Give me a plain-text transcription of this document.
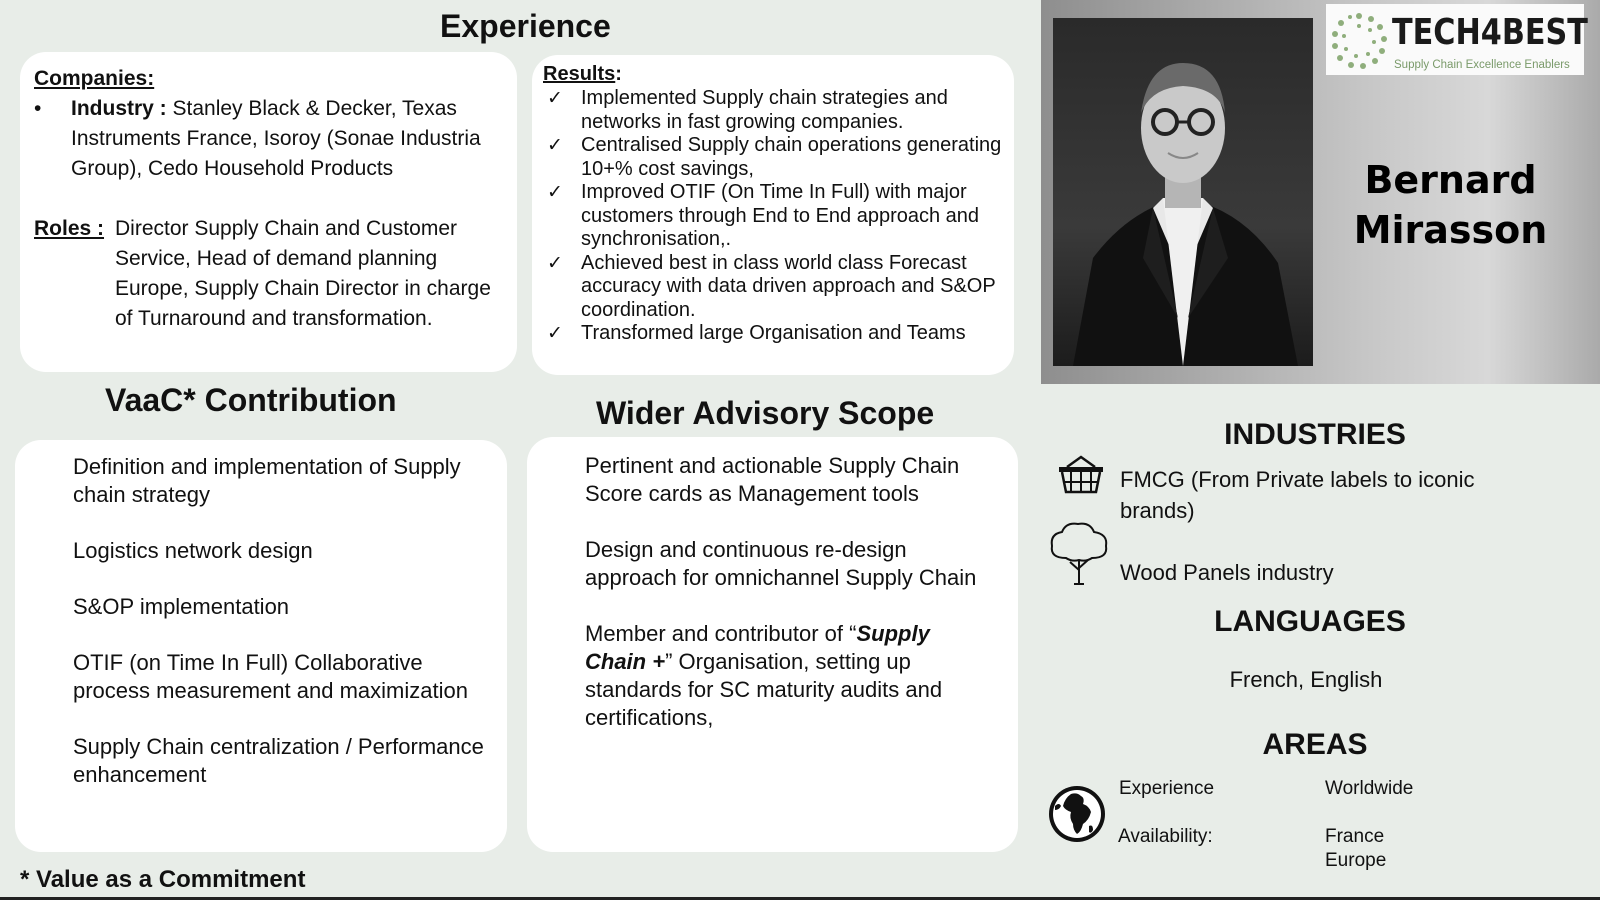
Experience
Companies:
• Industry : Stanley Black & Decker, Texas Instruments France, Isoroy (Sonae Industria Group), Cedo Household Products
Roles : Director Supply Chain and Customer Service, Head of demand planning Europe, Supply Chain Director in charge of Turnaround and transformation.
Results:
✓ Implemented Supply chain strategies and networks in fast growing companies.
✓ Centralised Supply chain operations generating 10+% cost savings,
✓ Improved OTIF (On Time In Full) with major customers through End to End approach and synchronisation,.
✓ Achieved best in class world class Forecast accuracy with data driven approach and S&OP coordination.
✓ Transformed large Organisation and Teams
VaaC* Contribution
Definition and implementation of Supply chain strategy
Logistics network design
S&OP implementation
OTIF (on Time In Full) Collaborative process measurement and maximization
Supply Chain centralization / Performance enhancement
Wider Advisory Scope
Pertinent and actionable Supply Chain Score cards as Management tools
Design and continuous re-design approach for omnichannel Supply Chain
Member and contributor of “Supply Chain +” Organisation, setting up standards for SC maturity audits and certifications,
* Value as a Commitment
TECH4BEST
Supply Chain Excellence Enablers
Bernard
Mirasson
INDUSTRIES
FMCG (From Private labels to iconic brands)
Wood Panels industry
LANGUAGES
French, English
AREAS
Experience	Worldwide
Availability:	France
Europe
